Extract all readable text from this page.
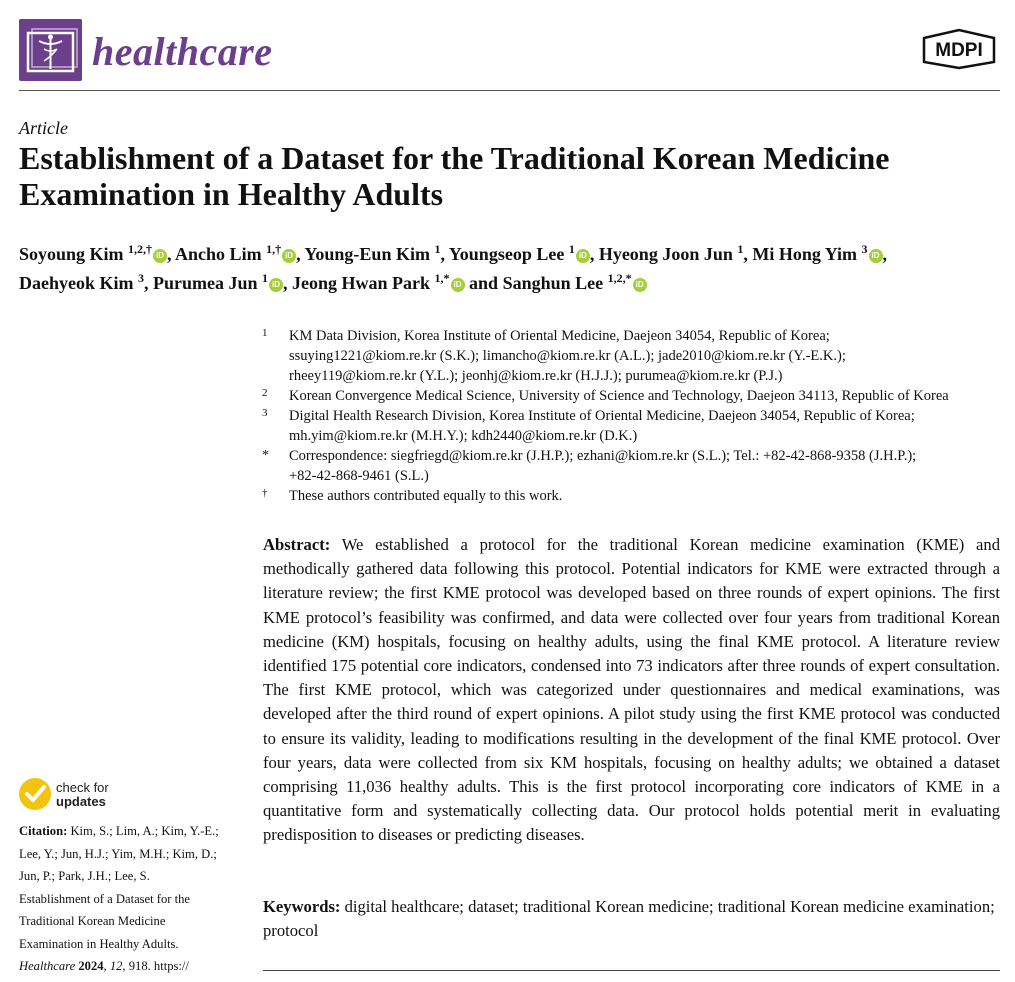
healthcare	MDPI
Article
Establishment of a Dataset for the Traditional Korean Medicine
Examination in Healthy Adults
Soyoung Kim $^{1,2,\dagger}$ iD , Ancho Lim $^{1,\dagger}$ iD , Young-Eun Kim $^1$, Youngseop Lee $^1$ iD , Hyeong Joon Jun $^1$, Mi Hong Yim $^3$ iD ,
Daehyeok Kim $^3$, Purumea Jun $^1$ iD , Jeong Hwan Park $^{1,*}$ iD and Sanghun Lee $^{1,2,*}$ iD
1 KM Data Division, Korea Institute of Oriental Medicine, Daejeon 34054, Republic of Korea;
ssuying1221@kiom.re.kr (S.K.); limancho@kiom.re.kr (A.L.); jade2010@kiom.re.kr (Y.-E.K.);
rheey119@kiom.re.kr (Y.L.); jeonhj@kiom.re.kr (H.J.J.); purumea@kiom.re.kr (P.J.)
2 Korean Convergence Medical Science, University of Science and Technology, Daejeon 34113, Republic of Korea
3 Digital Health Research Division, Korea Institute of Oriental Medicine, Daejeon 34054, Republic of Korea;
mh.yim@kiom.re.kr (M.H.Y.); kdh2440@kiom.re.kr (D.K.)
* Correspondence: siegfriegd@kiom.re.kr (J.H.P.); ezhani@kiom.re.kr (S.L.); Tel.: +82-42-868-9358 (J.H.P.);
+82-42-868-9461 (S.L.)
† These authors contributed equally to this work.
Abstract: We established a protocol for the traditional Korean medicine examination (KME) and methodically gathered data following this protocol. Potential indicators for KME were extracted through a literature review; the first KME protocol was developed based on three rounds of expert opinions. The first KME protocol’s feasibility was confirmed, and data were collected over four years from traditional Korean medicine (KM) hospitals, focusing on healthy adults, using the final KME protocol. A literature review identified 175 potential core indicators, condensed into 73 indicators after three rounds of expert consultation. The first KME protocol, which was categorized under questionnaires and medical examinations, was developed after the third round of expert opinions. A pilot study using the first KME protocol was conducted to ensure its validity, leading to modifications resulting in the development of the final KME protocol. Over four years, data were collected from six KM hospitals, focusing on healthy adults; we obtained a dataset comprising 11,036 healthy adults. This is the first protocol incorporating core indicators of KME in a quantitative form and systematically collecting data. Our protocol holds potential merit in evaluating predisposition to diseases or predicting diseases.
Keywords: digital healthcare; dataset; traditional Korean medicine; traditional Korean medicine examination; protocol
check for
updates
Citation: Kim, S.; Lim, A.; Kim, Y.-E.;
Lee, Y.; Jun, H.J.; Yim, M.H.; Kim, D.;
Jun, P.; Park, J.H.; Lee, S.
Establishment of a Dataset for the
Traditional Korean Medicine
Examination in Healthy Adults.
Healthcare 2024, 12, 918. https://
